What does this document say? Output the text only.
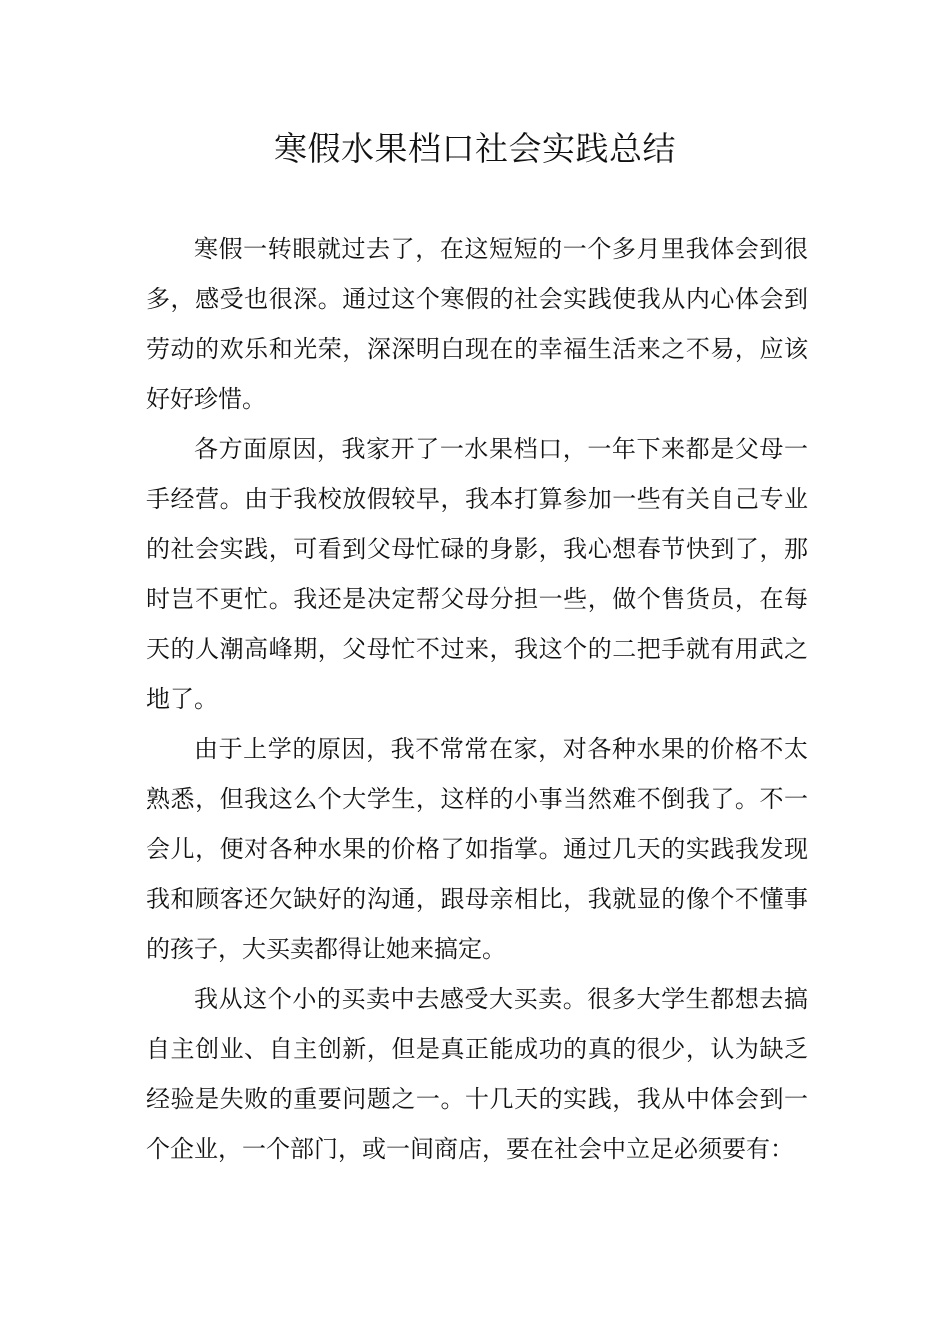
寒假水果档口社会实践总结

寒假一转眼就过去了，在这短短的一个多月里我体会到很多，感受也很深。通过这个寒假的社会实践使我从内心体会到劳动的欢乐和光荣，深深明白现在的幸福生活来之不易，应该好好珍惜。

各方面原因，我家开了一水果档口，一年下来都是父母一手经营。由于我校放假较早，我本打算参加一些有关自己专业的社会实践，可看到父母忙碌的身影，我心想春节快到了，那时岂不更忙。我还是决定帮父母分担一些，做个售货员，在每天的人潮高峰期，父母忙不过来，我这个的二把手就有用武之地了。

由于上学的原因，我不常常在家，对各种水果的价格不太熟悉，但我这么个大学生，这样的小事当然难不倒我了。不一会儿，便对各种水果的价格了如指掌。通过几天的实践我发现我和顾客还欠缺好的沟通，跟母亲相比，我就显的像个不懂事的孩子，大买卖都得让她来搞定。

我从这个小的买卖中去感受大买卖。很多大学生都想去搞自主创业、自主创新，但是真正能成功的真的很少，认为缺乏经验是失败的重要问题之一。十几天的实践，我从中体会到一个企业，一个部门，或一间商店，要在社会中立足必须要有：
